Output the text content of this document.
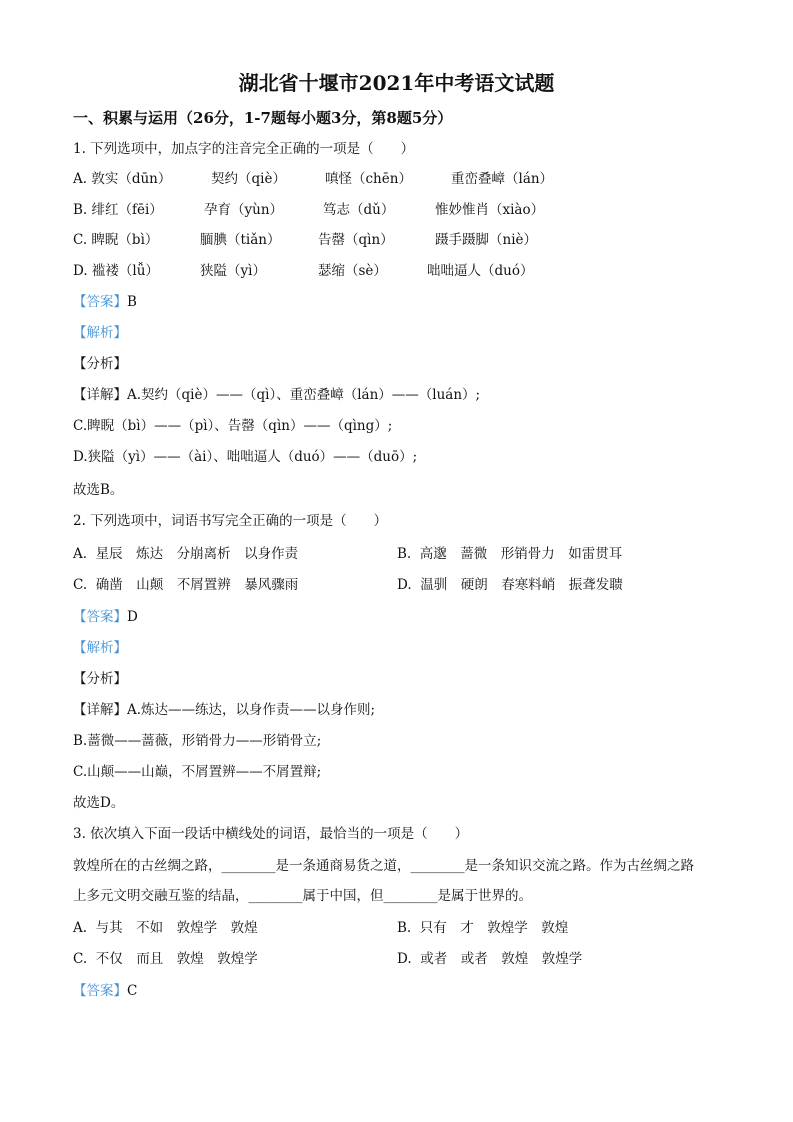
湖北省十堰市2021年中考语文试题
一、积累与运用（26分，1-7题每小题3分，第8题5分）
1. 下列选项中，加点字的注音完全正确的一项是（　　）
A. 敦实（dūn）	契约（qiè）	嗔怪（chēn）	重峦叠嶂（lán）
B. 绯红（fēi）	孕育（yùn）	笃志（dǔ）	惟妙惟肖（xiào）
C. 睥睨（bì）	腼腆（tiǎn）	告罄（qìn）	蹑手蹑脚（niè）
D. 褴褛（lǚ）	狭隘（yì）	瑟缩（sè）	咄咄逼人（duó）
【答案】B
【解析】
【分析】
【详解】A.契约（qiè）——（qì）、重峦叠嶂（lán）——（luán）;
C.睥睨（bì）——（pì）、告罄（qìn）——（qìng）;
D.狭隘（yì）——（ài）、咄咄逼人（duó）——（duō）;
故选B。
2. 下列选项中，词语书写完全正确的一项是（　　）
A.  星辰　炼达　分崩离析　以身作责	B.  高邈　蔷微　形销骨力　如雷贯耳
C.  确凿　山颠　不屑置辨　暴风骤雨	D.  温驯　硬朗　春寒料峭　振聋发聩
【答案】D
【解析】
【分析】
【详解】A.炼达——练达，以身作责——以身作则;
B.蔷微——蔷薇，形销骨力——形销骨立;
C.山颠——山巅，不屑置辨——不屑置辩;
故选D。
3. 依次填入下面一段话中横线处的词语，最恰当的一项是（　　）
敦煌所在的古丝绸之路，________是一条通商易货之道，________是一条知识交流之路。作为古丝绸之路
上多元文明交融互鉴的结晶，________属于中国，但________是属于世界的。
A.  与其　不如　敦煌学　敦煌	B.  只有　才　敦煌学　敦煌
C.  不仅　而且　敦煌　敦煌学	D.  或者　或者　敦煌　敦煌学
【答案】C
